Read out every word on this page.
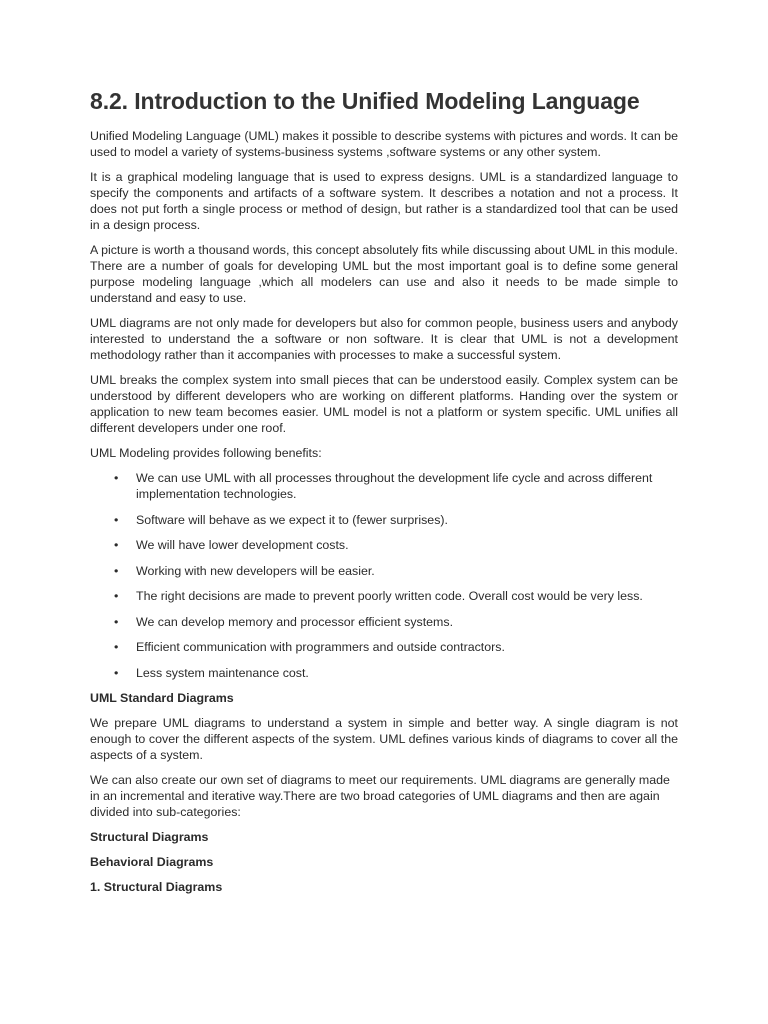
8.2. Introduction to the Unified Modeling Language

Unified Modeling Language (UML) makes it possible to describe systems with pictures and words. It can be used to model a variety of systems-business systems ,software systems or any other system.

It is a graphical modeling language that is used to express designs. UML is a standardized language to specify the components and artifacts of a software system. It describes a notation and not a process. It does not put forth a single process or method of design, but rather is a standardized tool that can be used in a design process.

A picture is worth a thousand words, this concept absolutely fits while discussing about UML in this module. There are a number of goals for developing UML but the most important goal is to define some general purpose modeling language ,which all modelers can use and also it needs to be made simple to understand and easy to use.

UML diagrams are not only made for developers but also for common people, business users and anybody interested to understand the a software or non software. It is clear that UML is not a development methodology rather than it accompanies with processes to make a successful system.

UML breaks the complex system into small pieces that can be understood easily. Complex system can be understood by different developers who are working on different platforms. Handing over the system or application to new team becomes easier. UML model is not a platform or system specific. UML unifies all different developers under one roof.

UML Modeling provides following benefits:

• We can use UML with all processes throughout the development life cycle and across different implementation technologies.
• Software will behave as we expect it to (fewer surprises).
• We will have lower development costs.
• Working with new developers will be easier.
• The right decisions are made to prevent poorly written code. Overall cost would be very less.
• We can develop memory and processor efficient systems.
• Efficient communication with programmers and outside contractors.
• Less system maintenance cost.

UML Standard Diagrams

We prepare UML diagrams to understand a system in simple and better way. A single diagram is not enough to cover the different aspects of the system. UML defines various kinds of diagrams to cover all the aspects of a system.

We can also create our own set of diagrams to meet our requirements. UML diagrams are generally made in an incremental and iterative way.There are two broad categories of UML diagrams and then are again divided into sub-categories:

Structural Diagrams

Behavioral Diagrams

1. Structural Diagrams
